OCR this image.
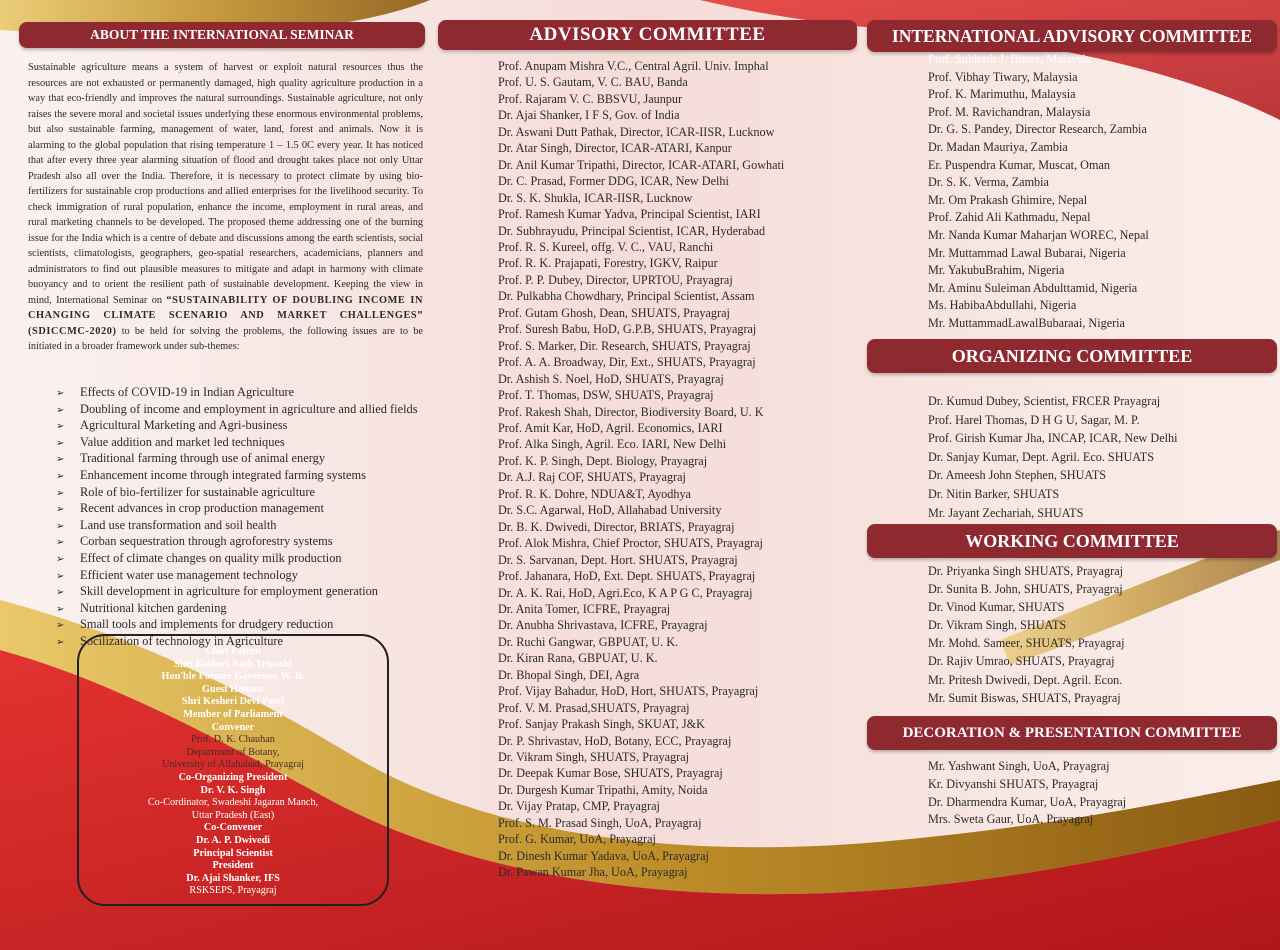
ABOUT THE INTERNATIONAL SEMINAR
Sustainable agriculture means a system of harvest or exploit natural resources thus the resources are not exhausted or permanently damaged, high quality agriculture production in a way that eco-friendly and improves the natural surroundings. Sustainable agriculture, not only raises the severe moral and societal issues underlying these enormous environmental problems, but also sustainable farming, management of water, land, forest and animals. Now it is alarming to the global population that rising temperature 1 – 1.5 0C every year. It has noticed that after every three year alarming situation of flood and drought takes place not only Uttar Pradesh also all over the India. Therefore, it is necessary to protect climate by using bio- fertilizers for sustainable crop productions and allied enterprises for the livelihood security. To check immigration of rural population, enhance the income, employment in rural areas, and rural marketing channels to be developed. The proposed theme addressing one of the burning issue for the India which is a centre of debate and discussions among the earth scientists, social scientists, climatologists, geographers, geo-spatial researchers, academicians, planners and administrators to find out plausible measures to mitigate and adapt in harmony with climate buoyancy and to orient the resilient path of sustainable development. Keeping the view in mind, International Seminar on “SUSTAINABILITY OF DOUBLING INCOME IN CHANGING CLIMATE SCENARIO AND MARKET CHALLENGES” (SDICCMC-2020) to be held for solving the problems, the following issues are to be initiated in a broader framework under sub-themes:
➢ Effects of COVID-19 in Indian Agriculture
➢ Doubling of income and employment in agriculture and allied fields
➢ Agricultural Marketing and Agri-business
➢ Value addition and market led techniques
➢ Traditional farming through use of animal energy
➢ Enhancement income through integrated farming systems
➢ Role of bio-fertilizer for sustainable agriculture
➢ Recent advances in crop production management
➢ Land use transformation and soil health
➢ Corban sequestration through agroforestry systems
➢ Effect of climate changes on quality milk production
➢ Efficient water use management technology
➢ Skill development in agriculture for employment generation
➢ Nutritional kitchen gardening
➢ Small tools and implements for drudgery reduction
➢ Socilization of technology in Agriculture
Chief Patron
Shri Kesheri Nath Tripathi
Hon'ble Former Governor, W. B.
Guest Honour
Shri Kesheri Devi Patel
Member of Parliament
Convener
Prof. D. K. Chauhan
Department of Botany,
University of Allahabad, Prayagraj
Co-Organizing President
Dr. V. K. Singh
Co-Cordinator, Swadeshi Jagaran Manch,
Uttar Pradesh (East)
Co-Convener
Dr. A. P. Dwivedi
Principal Scientist
President
Dr. Ajai Shanker, IFS
RSKSEPS, Prayagraj
ADVISORY COMMITTEE
Prof. Anupam Mishra V.C., Central Agril. Univ. Imphal
Prof. U. S. Gautam, V. C. BAU, Banda
Prof. Rajaram V. C. BBSVU, Jaunpur
Dr. Ajai Shanker, I F S, Gov. of India
Dr. Aswani Dutt Pathak, Director, ICAR-IISR, Lucknow
Dr. Atar Singh, Director, ICAR-ATARI, Kanpur
Dr. Anil Kumar Tripathi, Director, ICAR-ATARI, Gowhati
Dr. C. Prasad, Former DDG, ICAR, New Delhi
Dr. S. K. Shukla, ICAR-IISR, Lucknow
Prof. Ramesh Kumar Yadva, Principal Scientist, IARI
Dr. Subhrayudu, Principal Scientist, ICAR, Hyderabad
Prof. R. S. Kureel, offg. V. C., VAU, Ranchi
Prof. R. K. Prajapati, Forestry, IGKV, Raipur
Prof. P. P. Dubey, Director, UPRTOU, Prayagraj
Dr. Pulkabha Chowdhary, Principal Scientist, Assam
Prof. Gutam Ghosh, Dean, SHUATS, Prayagraj
Prof. Suresh Babu, HoD, G.P.B, SHUATS, Prayagraj
Prof. S. Marker, Dir. Research, SHUATS, Prayagraj
Prof. A. A. Broadway, Dir, Ext., SHUATS, Prayagraj
Dr. Ashish S. Noel, HoD, SHUATS, Prayagraj
Prof. T. Thomas, DSW, SHUATS, Prayagraj
Prof. Rakesh Shah, Director, Biodiversity Board, U. K
Prof. Amit Kar, HoD, Agril. Economics, IARI
Prof. Alka Singh, Agril. Eco. IARI, New Delhi
Prof. K. P. Singh, Dept. Biology, Prayagraj
Dr. A.J. Raj COF, SHUATS, Prayagraj
Prof. R. K. Dohre, NDUA&T, Ayodhya
Dr. S.C. Agarwal, HoD, Allahabad University
Dr. B. K. Dwivedi, Director, BRIATS, Prayagraj
Prof. Alok Mishra, Chief Proctor, SHUATS, Prayagraj
Dr. S. Sarvanan, Dept. Hort. SHUATS, Prayagraj
Prof. Jahanara, HoD, Ext. Dept. SHUATS, Prayagraj
Dr. A. K. Rai, HoD, Agri.Eco, K A P G C, Prayagraj
Dr. Anita Tomer, ICFRE, Prayagraj
Dr. Anubha Shrivastava, ICFRE, Prayagraj
Dr. Ruchi Gangwar, GBPUAT, U. K.
Dr. Kiran Rana, GBPUAT, U. K.
Dr. Bhopal Singh, DEI, Agra
Prof. Vijay Bahadur, HoD, Hort, SHUATS, Prayagraj
Prof. V. M. Prasad,SHUATS, Prayagraj
Prof. Sanjay Prakash Singh, SKUAT, J&K
Dr. P. Shrivastav, HoD, Botany, ECC, Prayagraj
Dr. Vikram Singh, SHUATS, Prayagraj
Dr. Deepak Kumar Bose, SHUATS, Prayagraj
Dr. Durgesh Kumar Tripathi, Amity, Noida
Dr. Vijay Pratap, CMP, Prayagraj
Prof. S. M. Prasad Singh, UoA, Prayagraj
Prof. G. Kumar, UoA, Prayagraj
Dr. Dinesh Kumar Yadava, UoA, Prayagraj
Dr. Pawan Kumar Jha, UoA, Prayagraj
INTERNATIONAL ADVISORY COMMITTEE
Prof. Subhash J. Bhore, Malaysia
Prof. Vibhay Tiwary, Malaysia
Prof. K. Marimuthu, Malaysia
Prof. M. Ravichandran, Malaysia
Dr. G. S. Pandey, Director Research, Zambia
Dr. Madan Mauriya, Zambia
Er. Puspendra Kumar, Muscat, Oman
Dr. S. K. Verma, Zambia
Mr. Om Prakash Ghimire, Nepal
Prof. Zahid Ali Kathmadu, Nepal
Mr. Nanda Kumar Maharjan WOREC, Nepal
Mr. Muttammad Lawal Bubarai, Nigeria
Mr. YakubuBrahim, Nigeria
Mr. Aminu Suleiman Abdulttamid, Nigeria
Ms. HabibaAbdullahi, Nigeria
Mr. MuttammadLawalBubaraai, Nigeria
ORGANIZING COMMITTEE
Dr. Kumud Dubey, Scientist, FRCER Prayagraj
Prof. Harel Thomas, D H G U, Sagar, M. P.
Prof. Girish Kumar Jha, INCAP, ICAR, New Delhi
Dr. Sanjay Kumar, Dept. Agril. Eco. SHUATS
Dr. Ameesh John Stephen, SHUATS
Dr. Nitin Barker, SHUATS
Mr. Jayant Zechariah, SHUATS
WORKING COMMITTEE
Dr. Priyanka Singh SHUATS, Prayagraj
Dr. Sunita B. John, SHUATS, Prayagraj
Dr. Vinod Kumar, SHUATS
Dr. Vikram Singh, SHUATS
Mr. Mohd. Sameer, SHUATS, Prayagraj
Dr. Rajiv Umrao, SHUATS, Prayagraj
Mr. Pritesh Dwivedi, Dept. Agril. Econ.
Mr. Sumit Biswas, SHUATS, Prayagraj
DECORATION & PRESENTATION COMMITTEE
Mr. Yashwant Singh, UoA, Prayagraj
Kr. Divyanshi SHUATS, Prayagraj
Dr. Dharmendra Kumar, UoA, Prayagraj
Mrs. Sweta Gaur, UoA, Prayagraj
